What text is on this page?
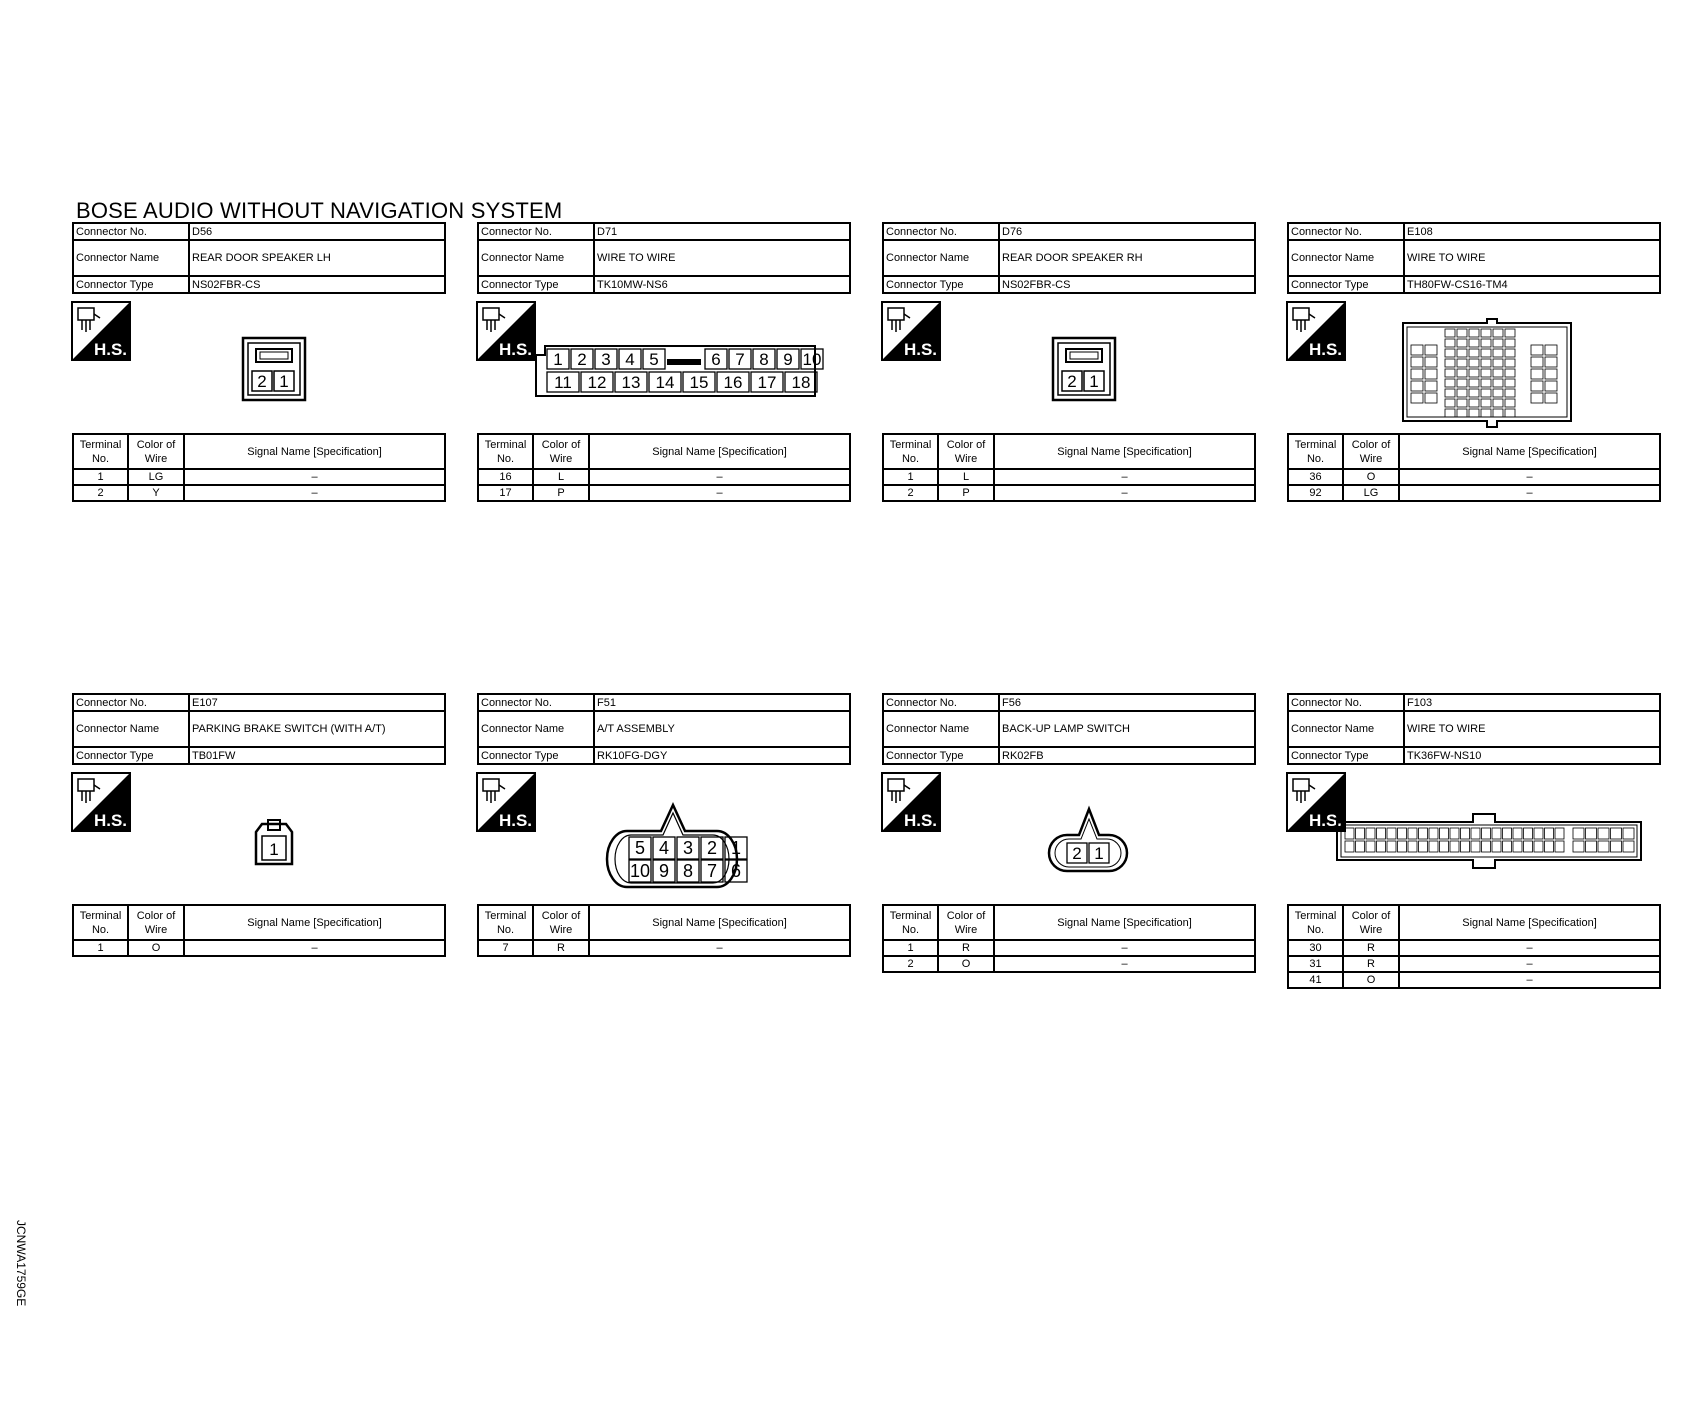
BOSE AUDIO WITHOUT NAVIGATION SYSTEM
Connector No.	D56
Connector Name	REAR DOOR SPEAKER LH
Connector Type	NS02FBR-CS
H.S.
2 1
Terminal No.	Color of Wire	Signal Name [Specification]
1	LG	–
2	Y	–
Connector No.	D71
Connector Name	WIRE TO WIRE
Connector Type	TK10MW-NS6
H.S.
1 2 3 4 5	6 7 8 9 10
11 12 13 14 15 16 17 18
Terminal No.	Color of Wire	Signal Name [Specification]
16	L	–
17	P	–
Connector No.	D76
Connector Name	REAR DOOR SPEAKER RH
Connector Type	NS02FBR-CS
H.S.
2 1
Terminal No.	Color of Wire	Signal Name [Specification]
1	L	–
2	P	–
Connector No.	E108
Connector Name	WIRE TO WIRE
Connector Type	TH80FW-CS16-TM4
H.S.
Terminal No.	Color of Wire	Signal Name [Specification]
36	O	–
92	LG	–
Connector No.	E107
Connector Name	PARKING BRAKE SWITCH (WITH A/T)
Connector Type	TB01FW
H.S.
1
Terminal No.	Color of Wire	Signal Name [Specification]
1	O	–
Connector No.	F51
Connector Name	A/T ASSEMBLY
Connector Type	RK10FG-DGY
H.S.
5 4 3 2 1
10 9 8 7 6
Terminal No.	Color of Wire	Signal Name [Specification]
7	R	–
Connector No.	F56
Connector Name	BACK-UP LAMP SWITCH
Connector Type	RK02FB
H.S.
2 1
Terminal No.	Color of Wire	Signal Name [Specification]
1	R	–
2	O	–
Connector No.	F103
Connector Name	WIRE TO WIRE
Connector Type	TK36FW-NS10
H.S.
Terminal No.	Color of Wire	Signal Name [Specification]
30	R	–
31	R	–
41	O	–
JCNWA1759GE
